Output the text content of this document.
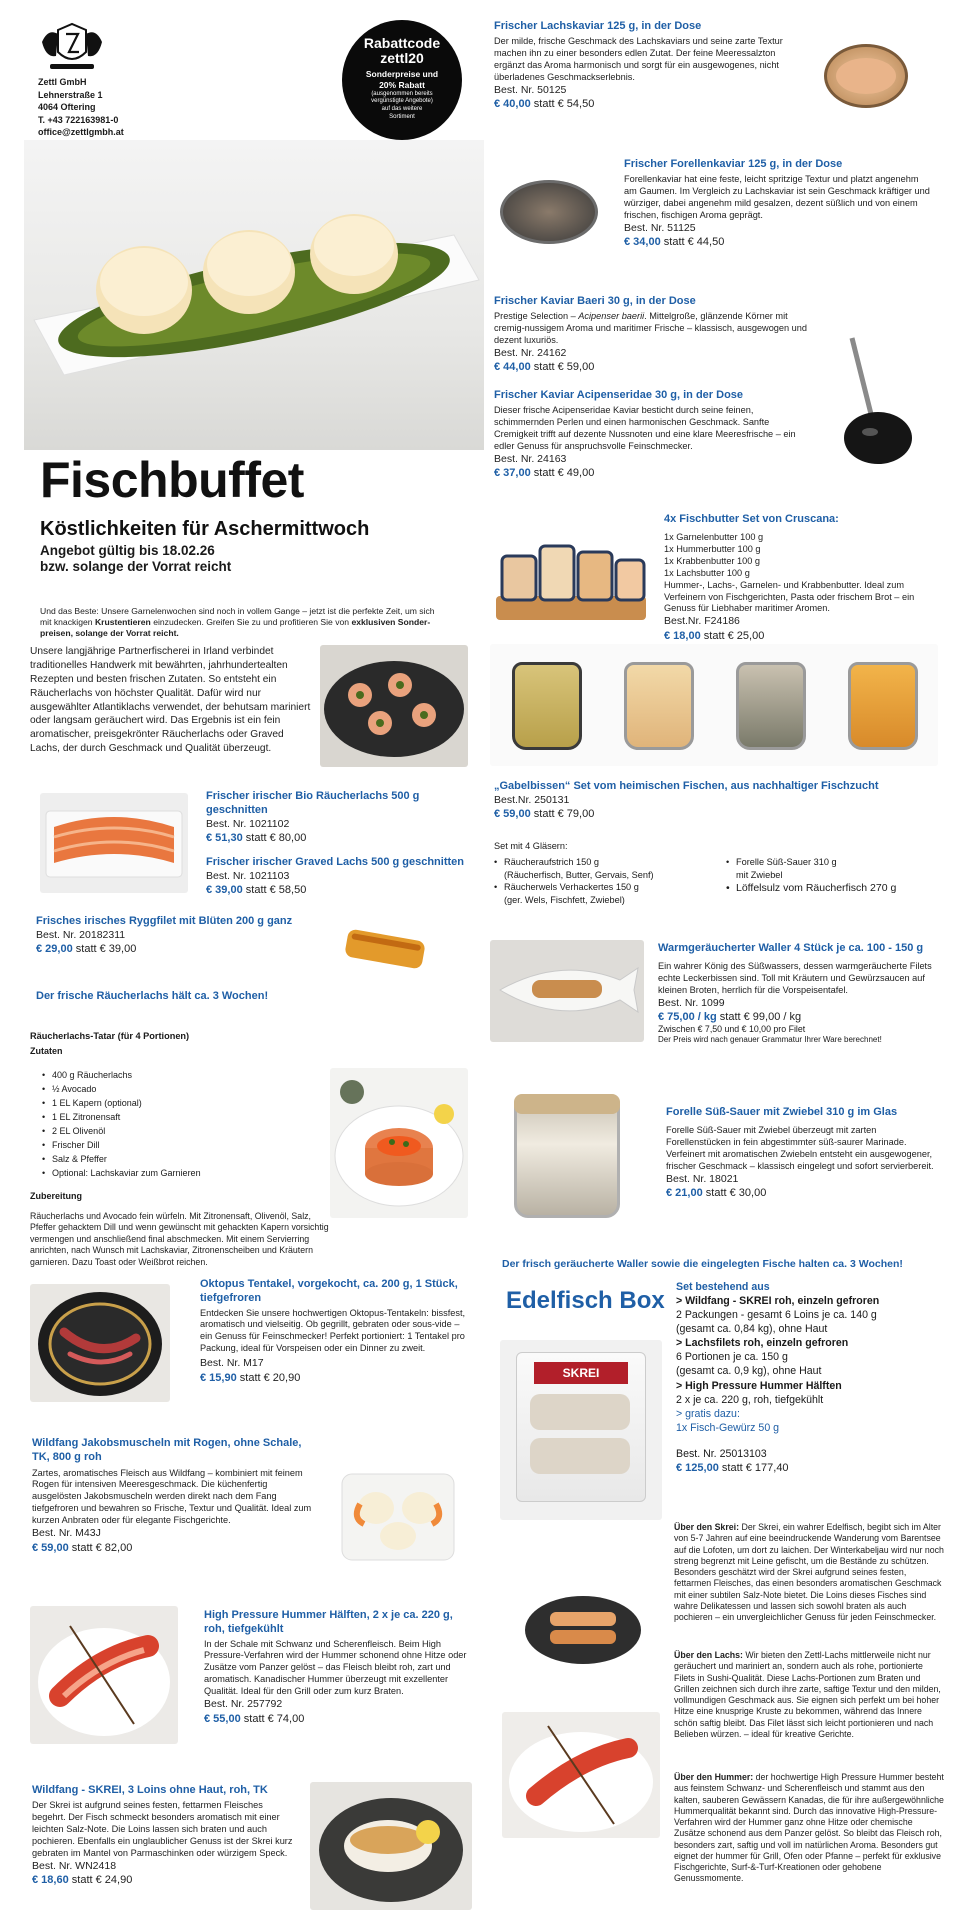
Zettl GmbH
Lehnerstraße 1
4064 Oftering
T. +43 722163981-0
office@zettlgmbh.at
Rabattcode
zettl20
Sonderpreise und
20% Rabatt
(ausgenommen bereits
vergünstigte Angebote)
auf das weitere
Sortiment
Fischbuffet
Köstlichkeiten für Aschermittwoch
Angebot gültig bis 18.02.26
bzw. solange der Vorrat reicht
Und das Beste: Unsere Garnelenwochen sind noch in vollem Gange – jetzt ist die perfekte Zeit, um sich
mit knackigen Krustentieren einzudecken. Greifen Sie zu und profitieren Sie von exklusiven Sonder-
preisen, solange der Vorrat reicht.
Unsere langjährige Partnerfischerei in Irland verbindet traditionelles Handwerk mit bewährten, jahrhundertealten Rezepten und besten frischen Zutaten. So entsteht ein Räucherlachs von höchster Qualität. Dafür wird nur ausgewählter Atlantiklachs verwendet, der behutsam mariniert oder langsam geräuchert wird. Das Ergebnis ist ein fein aromatischer, preisgekrönter Räucherlachs oder Graved Lachs, der durch Geschmack und Qualität überzeugt.
Frischer irischer Bio Räucherlachs 500 g geschnitten
Best. Nr. 1021102
€ 51,30 statt € 80,00
Frischer irischer Graved Lachs 500 g geschnitten
Best. Nr. 1021103
€ 39,00 statt € 58,50
Frisches irisches Ryggfilet mit Blüten 200 g ganz
Best. Nr. 20182311
€ 29,00 statt € 39,00
Der frische Räucherlachs hält ca. 3 Wochen!
Räucherlachs-Tatar (für 4 Portionen)
Zutaten
• 400 g Räucherlachs
• ½ Avocado
• 1 EL Kapern (optional)
• 1 EL Zitronensaft
• 2 EL Olivenöl
• Frischer Dill
• Salz & Pfeffer
• Optional: Lachskaviar zum Garnieren
Zubereitung
Räucherlachs und Avocado fein würfeln. Mit Zitronensaft, Olivenöl, Salz, Pfeffer gehacktem Dill und wenn gewünscht mit gehackten Kapern vorsichtig vermengen und anschließend final abschmecken. Mit einem Servierring anrichten, nach Wunsch mit Lachskaviar, Zitronenscheiben und Kräutern garnieren. Dazu Toast oder Weißbrot reichen.
Oktopus Tentakel, vorgekocht, ca. 200 g, 1 Stück, tiefgefroren
Entdecken Sie unsere hochwertigen Oktopus-Tentakeln: bissfest, aromatisch und vielseitig. Ob gegrillt, gebraten oder sous-vide – ein Genuss für Feinschmecker! Perfekt portioniert: 1 Tentakel pro Packung, ideal für Vorspeisen oder ein Dinner zu zweit.
Best. Nr. M17
€ 15,90 statt € 20,90
Wildfang Jakobsmuscheln mit Rogen, ohne Schale, TK, 800 g roh
Zartes, aromatisches Fleisch aus Wildfang – kombiniert mit feinem Rogen für intensiven Meeresgeschmack. Die küchenfertig ausgelösten Jakobsmuscheln werden direkt nach dem Fang tiefgefroren und bewahren so Frische, Textur und Qualität. Ideal zum kurzen Anbraten oder für elegante Fischgerichte.
Best. Nr. M43J
€ 59,00 statt € 82,00
High Pressure Hummer Hälften, 2 x je ca. 220 g, roh, tiefgekühlt
In der Schale mit Schwanz und Scherenfleisch. Beim High Pressure-Verfahren wird der Hummer schonend ohne Hitze oder Zusätze vom Panzer gelöst – das Fleisch bleibt roh, zart und aromatisch. Kanadischer Hummer überzeugt mit exzellenter Qualität. Ideal für den Grill oder zum kurz Braten.
Best. Nr. 257792
€ 55,00 statt € 74,00
Wildfang - SKREI, 3 Loins ohne Haut, roh, TK
Der Skrei ist aufgrund seines festen, fettarmen Fleisches begehrt. Der Fisch schmeckt besonders aromatisch mit einer leichten Salz-Note. Die Loins lassen sich braten und auch pochieren. Ebenfalls ein unglaublicher Genuss ist der Skrei kurz gebraten im Mantel von Parmaschinken oder würzigem Speck.
Best. Nr. WN2418
€ 18,60 statt € 24,90
Frischer Lachskaviar 125 g, in der Dose
Der milde, frische Geschmack des Lachskaviars und seine zarte Textur machen ihn zu einer besonders edlen Zutat. Der feine Meeressalzton ergänzt das Aroma harmonisch und sorgt für ein ausgewogenes, nicht überladenes Geschmackserlebnis.
Best. Nr. 50125
€ 40,00 statt € 54,50
Frischer Forellenkaviar 125 g, in der Dose
Forellenkaviar hat eine feste, leicht spritzige Textur und platzt angenehm am Gaumen. Im Vergleich zu Lachskaviar ist sein Geschmack kräftiger und würziger, dabei angenehm mild gesalzen, dezent süßlich und von einem frischen, fischigen Aroma geprägt.
Best. Nr. 51125
€ 34,00 statt € 44,50
Frischer Kaviar Baeri 30 g, in der Dose
Prestige Selection – Acipenser baerii. Mittelgroße, glänzende Körner mit cremig-nussigem Aroma und maritimer Frische – klassisch, ausgewogen und dezent luxuriös.
Best. Nr. 24162
€ 44,00 statt € 59,00
Frischer Kaviar Acipenseridae 30 g, in der Dose
Dieser frische Acipenseridae Kaviar besticht durch seine feinen, schimmernden Perlen und einen harmonischen Geschmack. Sanfte Cremigkeit trifft auf dezente Nussnoten und eine klare Meeresfrische – ein edler Genuss für anspruchsvolle Feinschmecker.
Best. Nr. 24163
€ 37,00 statt € 49,00
4x Fischbutter Set von Cruscana:
1x Garnelenbutter 100 g
1x Hummerbutter 100 g
1x Krabbenbutter 100 g
1x Lachsbutter 100 g
Hummer-, Lachs-, Garnelen- und Krabbenbutter. Ideal zum Verfeinern von Fischgerichten, Pasta oder frischem Brot – ein Genuss für Liebhaber maritimer Aromen.
Best.Nr. F24186
€ 18,00 statt € 25,00
„Gabelbissen“ Set vom heimischen Fischen, aus nachhaltiger Fischzucht
Best.Nr. 250131
€ 59,00 statt € 79,00
Set mit 4 Gläsern:
• Räucheraufstrich 150 g
(Räucherfisch, Butter, Gervais, Senf)
• Räucherwels Verhackertes 150 g
(ger. Wels, Fischfett, Zwiebel)
• Forelle Süß-Sauer 310 g
mit Zwiebel
• Löffelsulz vom Räucherfisch 270 g
Warmgeräucherter Waller 4 Stück je ca. 100 - 150 g
Ein wahrer König des Süßwassers, dessen warmgeräucherte Filets echte Leckerbissen sind. Toll mit Kräutern und Gewürzsaucen auf kleinen Broten, herrlich für die Vorspeisentafel.
Best. Nr. 1099
€ 75,00 / kg statt € 99,00 / kg
Zwischen € 7,50 und € 10,00 pro Filet
Der Preis wird nach genauer Grammatur Ihrer Ware berechnet!
Forelle Süß-Sauer mit Zwiebel 310 g im Glas
Forelle Süß-Sauer mit Zwiebel überzeugt mit zarten Forellenstücken in fein abgestimmter süß-saurer Marinade. Verfeinert mit aromatischen Zwiebeln entsteht ein ausgewogener, frischer Geschmack – klassisch eingelegt und sofort servierbereit.
Best. Nr. 18021
€ 21,00 statt € 30,00
Der frisch geräucherte Waller sowie die eingelegten Fische halten ca. 3 Wochen!
Edelfisch Box
SKREI
Set bestehend aus
> Wildfang - SKREI roh, einzeln gefroren
2 Packungen - gesamt 6 Loins je ca. 140 g
(gesamt ca. 0,84 kg), ohne Haut
> Lachsfilets roh, einzeln gefroren
6 Portionen je ca. 150 g
(gesamt ca. 0,9 kg), ohne Haut
> High Pressure Hummer Hälften
2 x je ca. 220 g, roh, tiefgekühlt
> gratis dazu:
1x Fisch-Gewürz 50 g
Best. Nr. 25013103
€ 125,00 statt € 177,40
Über den Skrei: Der Skrei, ein wahrer Edelfisch, begibt sich im Alter von 5-7 Jahren auf eine beeindruckende Wanderung vom Barentsee auf die Lofoten, um dort zu laichen. Der Winterkabeljau wird nur noch streng begrenzt mit Leine gefischt, um die Bestände zu schützen. Besonders geschätzt wird der Skrei aufgrund seines festen, fettarmen Fleisches, das einen besonders aromatischen Geschmack mit einer subtilen Salz-Note bietet. Die Loins dieses Fisches sind wahre Delikatessen und lassen sich sowohl braten als auch pochieren – ein unvergleichlicher Genuss für jeden Feinschmecker.
Über den Lachs: Wir bieten den Zettl-Lachs mittlerweile nicht nur geräuchert und mariniert an, sondern auch als rohe, portionierte Filets in Sushi-Qualität. Diese Lachs-Portionen zum Braten und Grillen zeichnen sich durch ihre zarte, saftige Textur und den milden, vollmundigen Geschmack aus. Sie eignen sich perfekt um bei hoher Hitze eine knusprige Kruste zu bekommen, während das Innere schön saftig bleibt. Das Filet lässt sich leicht portionieren und nach Belieben würzen. – ideal für kreative Gerichte.
Über den Hummer: der hochwertige High Pressure Hummer besteht aus feinstem Schwanz- und Scherenfleisch und stammt aus den kalten, sauberen Gewässern Kanadas, die für ihre außergewöhnliche Hummerqualität bekannt sind. Durch das innovative High-Pressure-Verfahren wird der Hummer ganz ohne Hitze oder chemische Zusätze schonend aus dem Panzer gelöst. So bleibt das Fleisch roh, besonders zart, saftig und voll im natürlichen Aroma. Besonders gut eignet der hummer für Grill, Ofen oder Pfanne – perfekt für exklusive Fischgerichte, Surf-&-Turf-Kreationen oder gehobene Genussmomente.
